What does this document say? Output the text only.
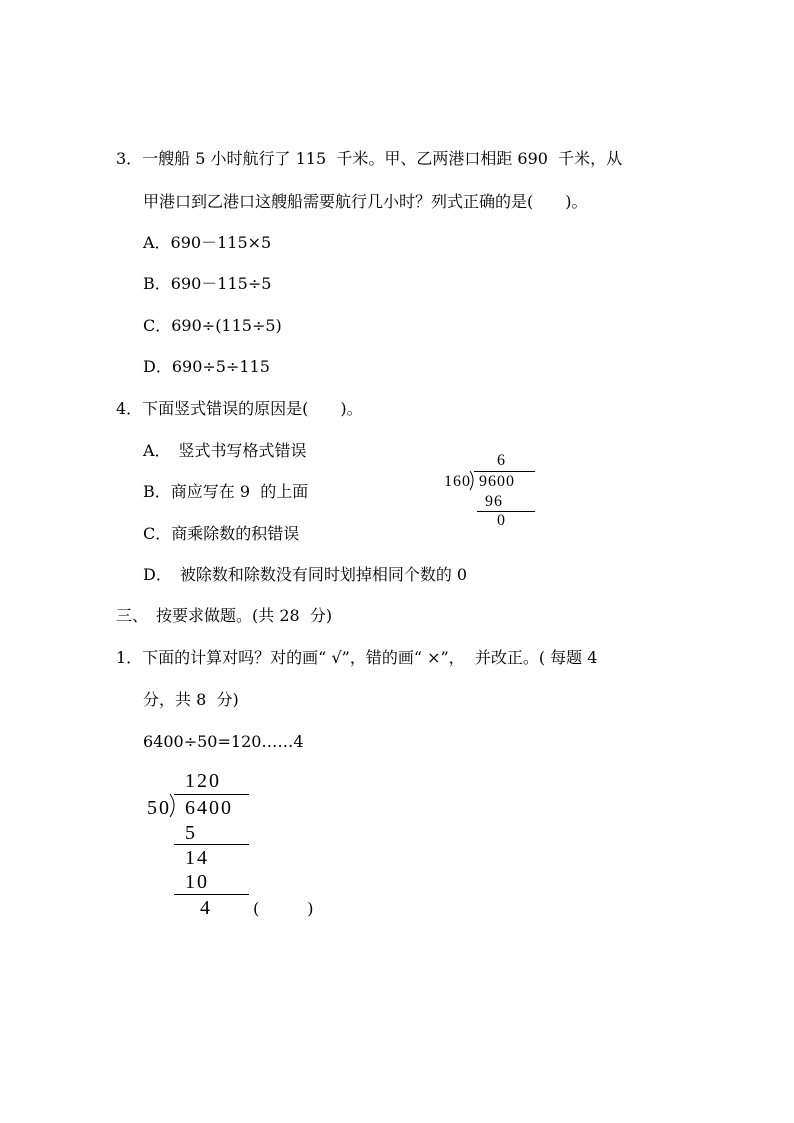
3．一艘船 5 小时航行了 115  千米。甲、乙两港口相距 690  千米，从
甲港口到乙港口这艘船需要航行几小时？列式正确的是(　　)。
A．690－115×5
B．690－115÷5
C．690÷(115÷5)
D．690÷5÷115
4．下面竖式错误的原因是(　　)。
A．　竖式书写格式错误
B．商应写在 9  的上面
C．商乘除数的积错误
D．　被除数和除数没有同时划掉相同个数的 0
6
160 9600
96
0
三、　按要求做题。(共 28  分)
1．下面的计算对吗？对的画“ √”，错的画“ ×”，  并改正。( 每题 4
分，共 8  分)
6400÷50=120……4
120
50 6400
5
14
10
4	(　　　)
